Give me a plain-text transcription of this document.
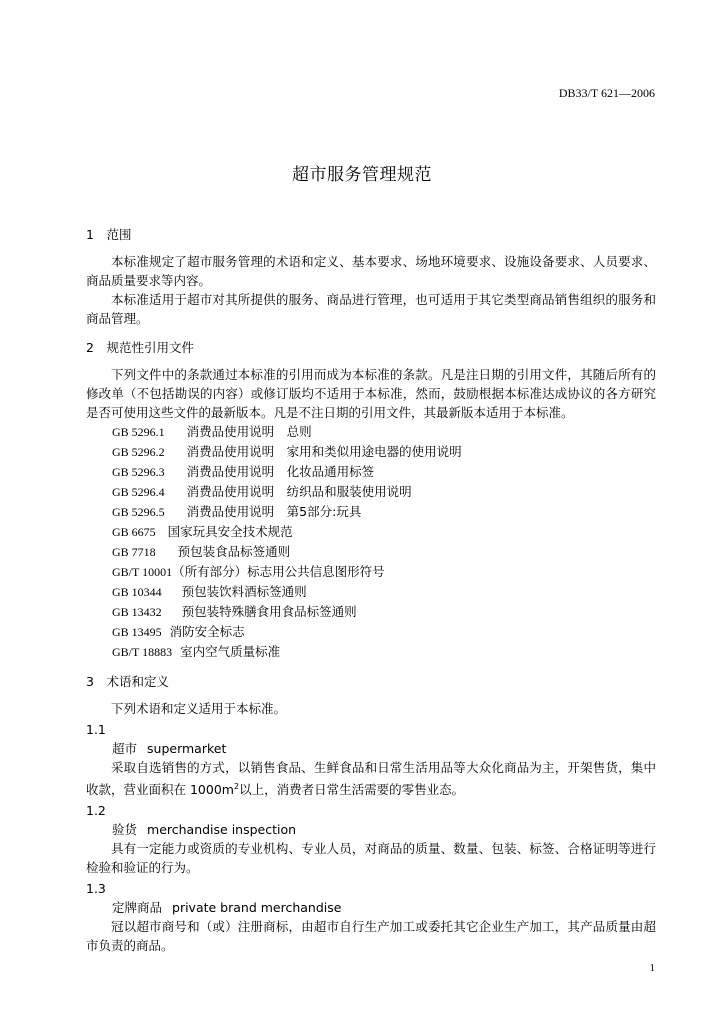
DB33/T 621—2006
超市服务管理规范
1　范围
本标准规定了超市服务管理的术语和定义、基本要求、场地环境要求、设施设备要求、人员要求、商品质量要求等内容。
本标准适用于超市对其所提供的服务、商品进行管理，也可适用于其它类型商品销售组织的服务和商品管理。
2　规范性引用文件
下列文件中的条款通过本标准的引用而成为本标准的条款。凡是注日期的引用文件，其随后所有的修改单（不包括勘误的内容）或修订版均不适用于本标准，然而，鼓励根据本标准达成协议的各方研究是否可使用这些文件的最新版本。凡是不注日期的引用文件，其最新版本适用于本标准。
GB 5296.1 消费品使用说明　总则
GB 5296.2 消费品使用说明　家用和类似用途电器的使用说明
GB 5296.3 消费品使用说明　化妆品通用标签
GB 5296.4 消费品使用说明　纺织品和服装使用说明
GB 5296.5 消费品使用说明　第5部分:玩具
GB 6675 国家玩具安全技术规范
GB 7718 预包装食品标签通则
GB/T 10001（所有部分）标志用公共信息图形符号
GB 10344 预包装饮料酒标签通则
GB 13432 预包装特殊膳食用食品标签通则
GB 13495 消防安全标志
GB/T 18883 室内空气质量标准
3　术语和定义
下列术语和定义适用于本标准。
1.1
超市 supermarket
采取自选销售的方式，以销售食品、生鲜食品和日常生活用品等大众化商品为主，开架售货，集中收款，营业面积在 $1000m^2$以上，消费者日常生活需要的零售业态。
1.2
验货 merchandise inspection
具有一定能力或资质的专业机构、专业人员，对商品的质量、数量、包装、标签、合格证明等进行检验和验证的行为。
1.3
定牌商品 private brand merchandise
冠以超市商号和（或）注册商标，由超市自行生产加工或委托其它企业生产加工，其产品质量由超市负责的商品。
1
